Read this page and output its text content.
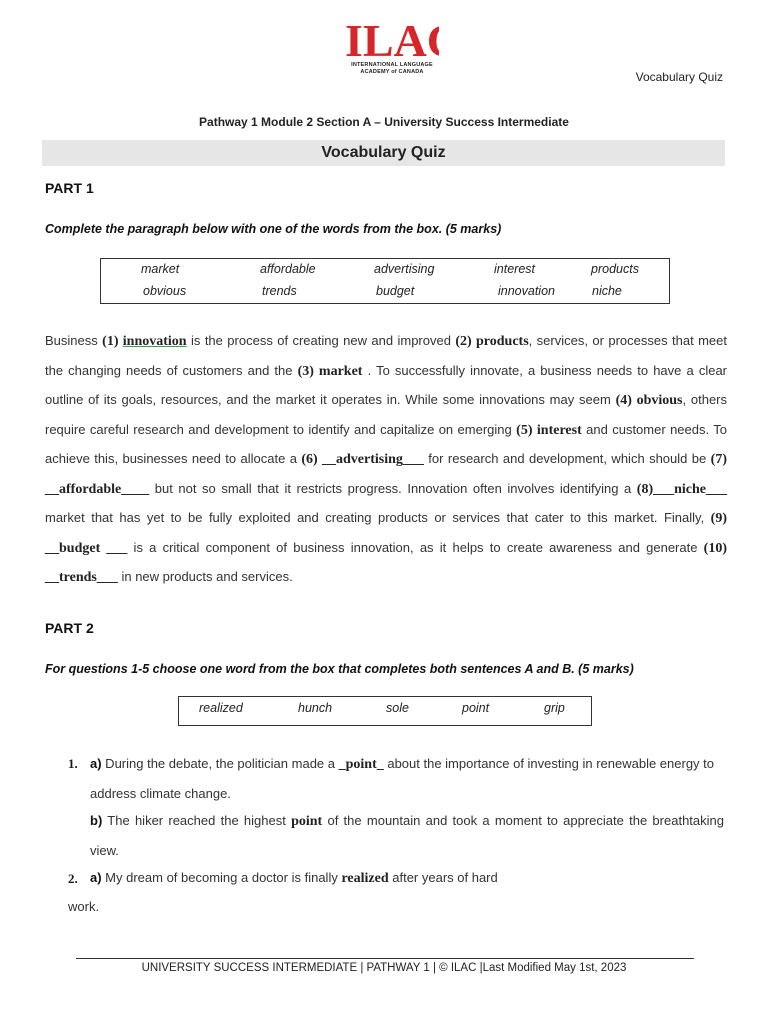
ILA
INTERNATIONAL LANGUAGE
ACADEMY of CANADA	Vocabulary Quiz
Pathway 1 Module 2 Section A – University Success Intermediate
Vocabulary Quiz
PART 1
Complete the paragraph below with one of the words from the box. (5 marks)
market	affordable	advertising	interest	products
obvious	trends	budget	innovation	niche
Business (1) innovation is the process of creating new and improved (2) products, services, or processes that meet the changing needs of customers and the (3) market . To successfully innovate, a business needs to have a clear outline of its goals, resources, and the market it operates in. While some innovations may seem (4) obvious, others require careful research and development to identify and capitalize on emerging (5) interest and customer needs. To achieve this, businesses need to allocate a (6) __advertising___ for research and development, which should be (7) __affordable____ but not so small that it restricts progress. Innovation often involves identifying a (8)___niche___ market that has yet to be fully exploited and creating products or services that cater to this market. Finally, (9) __budget ___ is a critical component of business innovation, as it helps to create awareness and generate (10) __trends___ in new products and services.
PART 2
For questions 1-5 choose one word from the box that completes both sentences A and B. (5 marks)
realized	hunch	sole	point	grip
1. a) During the debate, the politician made a _point_ about the importance of investing in renewable energy to address climate change.
b) The hiker reached the highest point of the mountain and took a moment to appreciate the breathtaking view.
2. a) My dream of becoming a doctor is finally realized after years of hard
work.
UNIVERSITY SUCCESS INTERMEDIATE | PATHWAY 1 | © ILAC |Last Modified May 1st, 2023
